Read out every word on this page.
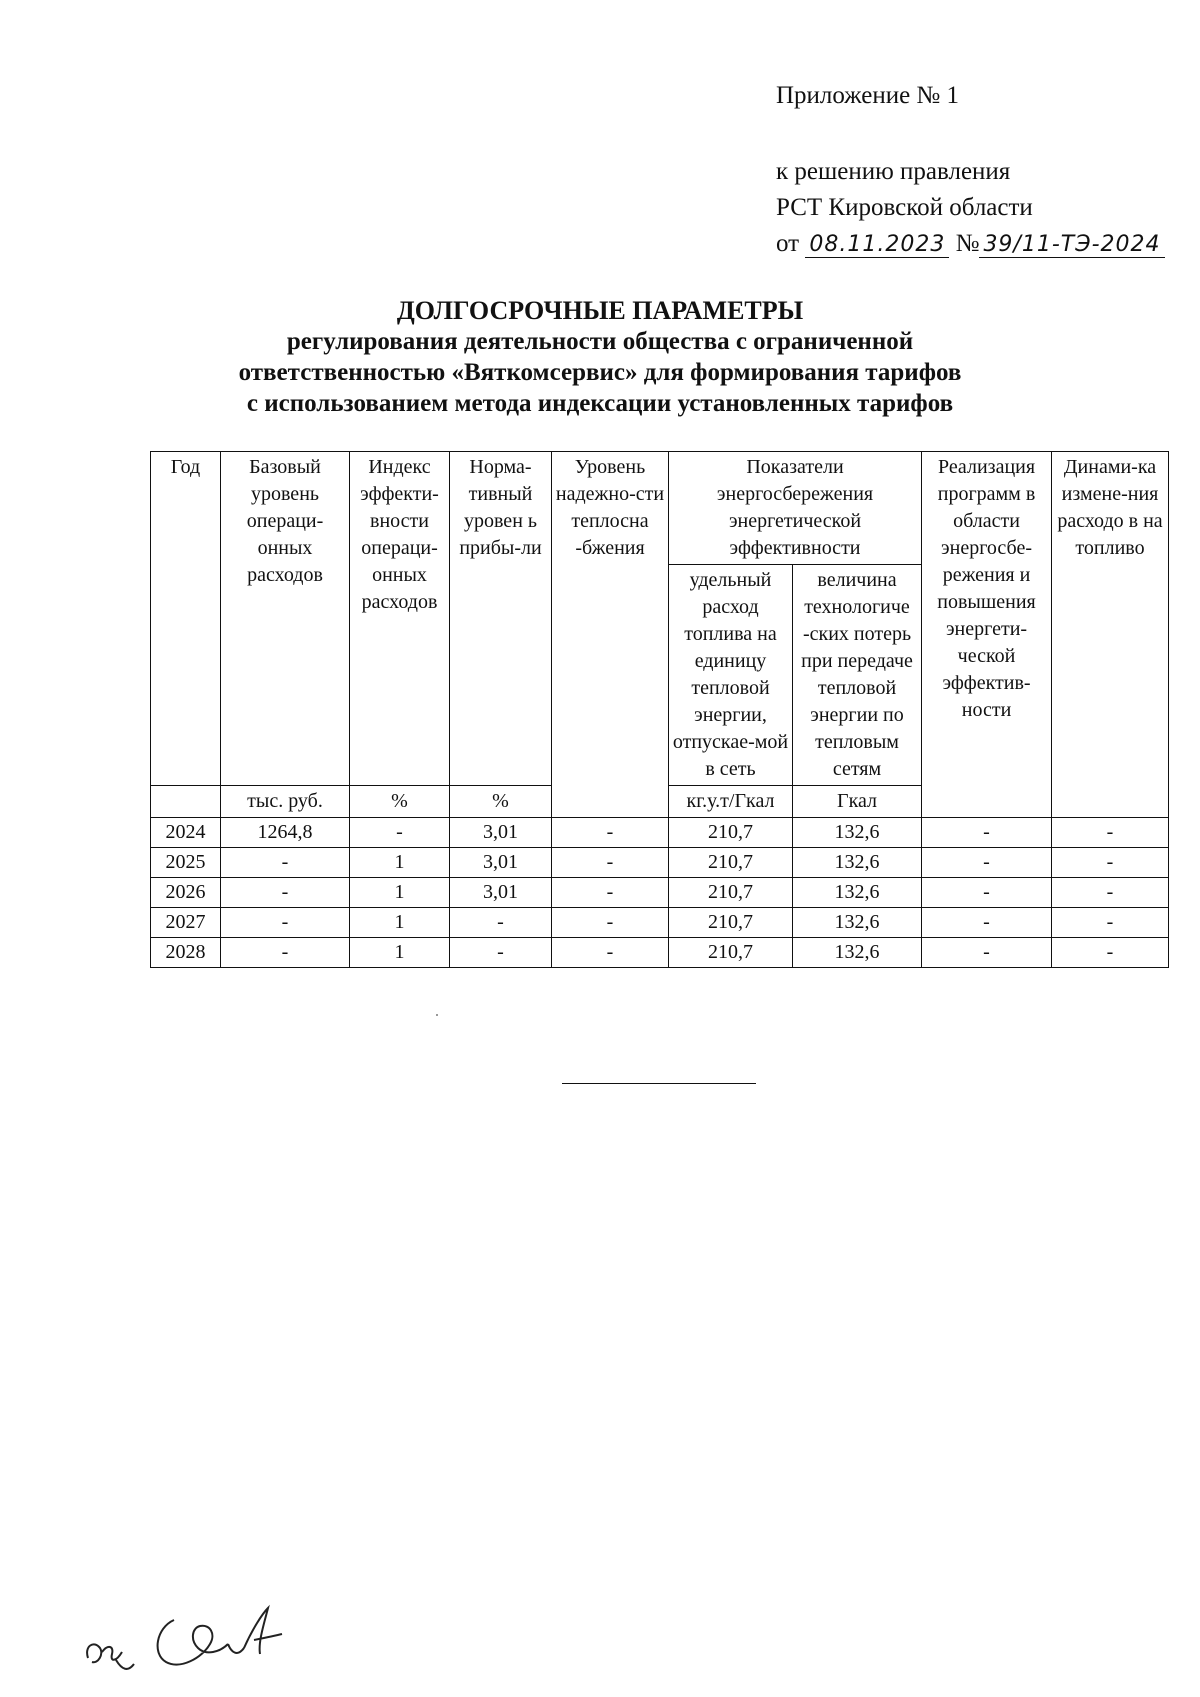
Приложение № 1
к решению правления
РСТ Кировской области
от 08.11.2023 № 39/11-ТЭ-2024
ДОЛГОСРОЧНЫЕ ПАРАМЕТРЫ
регулирования деятельности общества с ограниченной
ответственностью «Вяткомсервис» для формирования тарифов
с использованием метода индексации установленных тарифов
Год	Базовый уровень операци-онных расходов	Индекс эффекти-вности операци-онных расходов	Норма-тивный уровен ь прибы-ли	Уровень надежно-сти теплосна -бжения	Показатели энергосбережения энергетической эффективности		Реализация программ в области энергосбе-режения и повышения энергети-ческой эффектив-ности	Динами-ка измене-ния расходо в на топливо
					удельный расход топлива на единицу тепловой энергии, отпускае-мой в сеть	величина технологиче -ских потерь при передаче тепловой энергии по тепловым сетям		
	тыс. руб.	%	%		кг.у.т/Гкал	Гкал		
2024	1264,8	-	3,01	-	210,7	132,6	-	-
2025	-	1	3,01	-	210,7	132,6	-	-
2026	-	1	3,01	-	210,7	132,6	-	-
2027	-	1	-	-	210,7	132,6	-	-
2028	-	1	-	-	210,7	132,6	-	-
